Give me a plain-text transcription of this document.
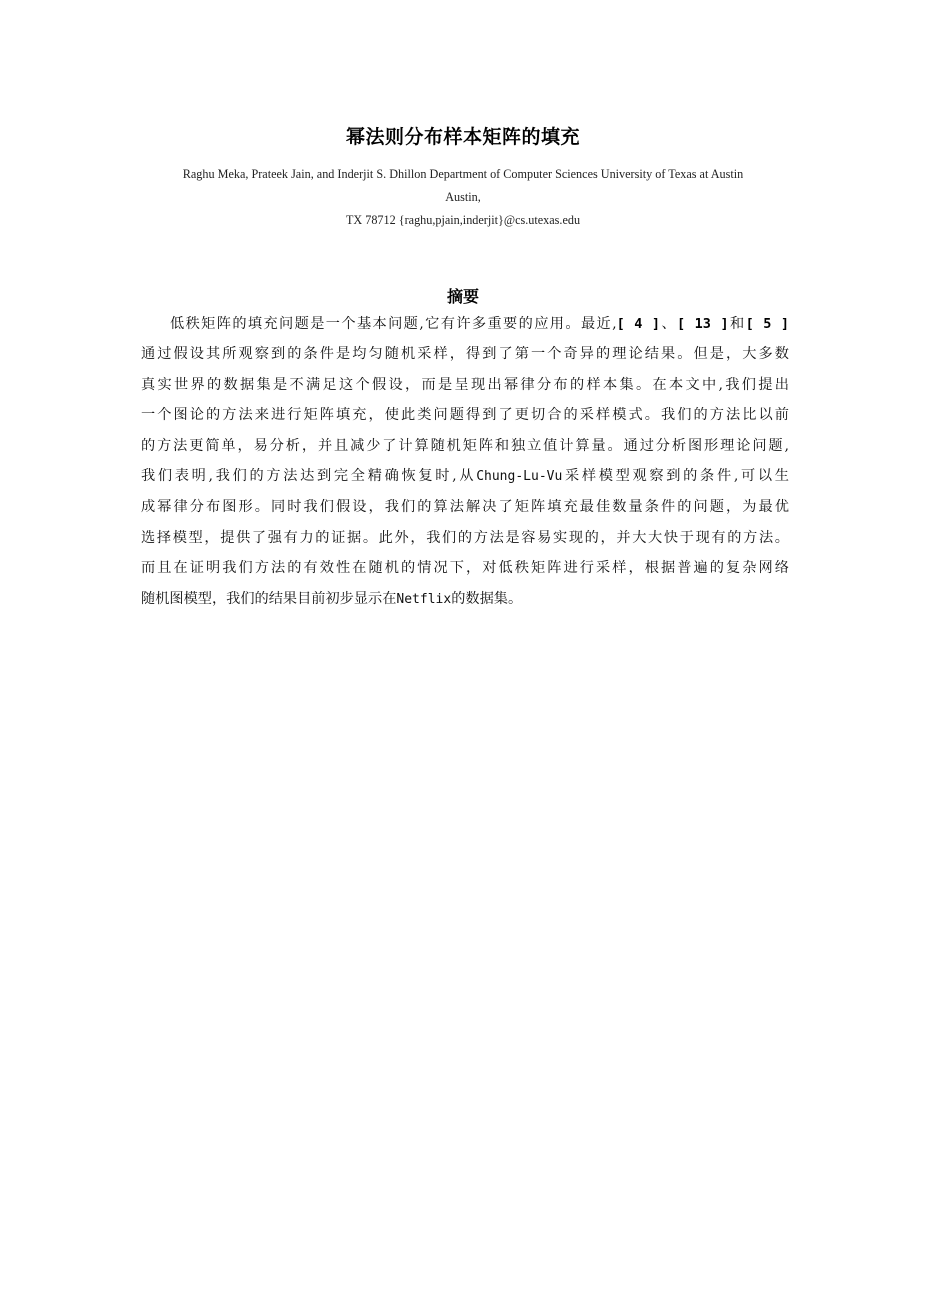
幂法则分布样本矩阵的填充
Raghu Meka, Prateek Jain, and Inderjit S. Dhillon Department of Computer Sciences University of Texas at Austin
Austin,
TX 78712 {raghu,pjain,inderjit}@cs.utexas.edu
摘要
低秩矩阵的填充问题是一个基本问题,它有许多重要的应用。最近,[ 4 ]、[ 13 ]和[ 5 ]
通过假设其所观察到的条件是均匀随机采样，得到了第一个奇异的理论结果。但是，大多数
真实世界的数据集是不满足这个假设，而是呈现出幂律分布的样本集。在本文中,我们提出
一个图论的方法来进行矩阵填充，使此类问题得到了更切合的采样模式。我们的方法比以前
的方法更简单，易分析，并且减少了计算随机矩阵和独立值计算量。通过分析图形理论问题,
我们表明,我们的方法达到完全精确恢复时,从Chung-Lu-Vu采样模型观察到的条件,可以生
成幂律分布图形。同时我们假设，我们的算法解决了矩阵填充最佳数量条件的问题，为最优
选择模型，提供了强有力的证据。此外，我们的方法是容易实现的，并大大快于现有的方法。
而且在证明我们方法的有效性在随机的情况下，对低秩矩阵进行采样，根据普遍的复杂网络
随机图模型，我们的结果目前初步显示在Netflix的数据集。
